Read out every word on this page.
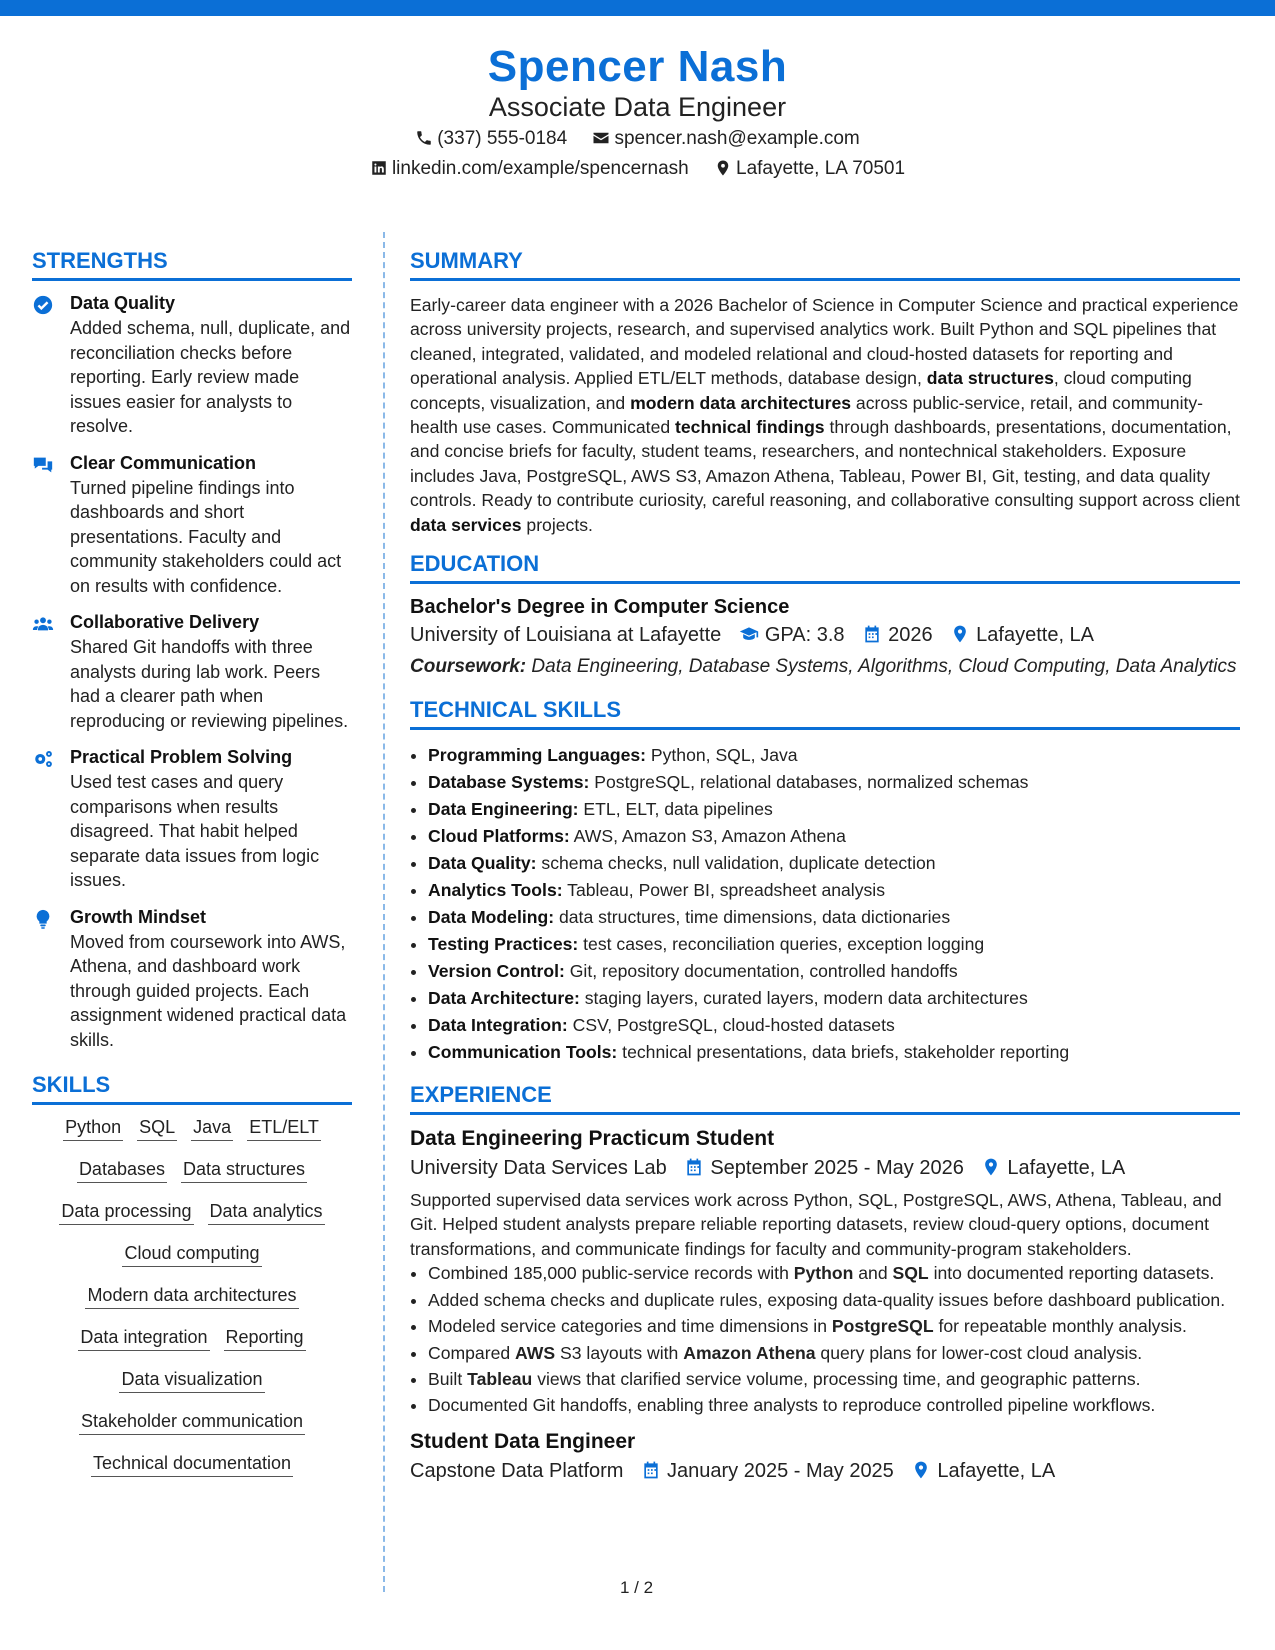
Spencer Nash
Associate Data Engineer
(337) 555-0184 spencer.nash@example.com
linkedin.com/example/spencernash Lafayette, LA 70501
STRENGTHS
Data Quality
Added schema, null, duplicate, and reconciliation checks before reporting. Early review made issues easier for analysts to resolve.
Clear Communication
Turned pipeline findings into dashboards and short presentations. Faculty and community stakeholders could act on results with confidence.
Collaborative Delivery
Shared Git handoffs with three analysts during lab work. Peers had a clearer path when reproducing or reviewing pipelines.
Practical Problem Solving
Used test cases and query comparisons when results disagreed. That habit helped separate data issues from logic issues.
Growth Mindset
Moved from coursework into AWS, Athena, and dashboard work through guided projects. Each assignment widened practical data skills.
SKILLS
Python SQL Java ETL/ELT
Databases Data structures
Data processing Data analytics
Cloud computing
Modern data architectures
Data integration Reporting
Data visualization
Stakeholder communication
Technical documentation
SUMMARY
Early-career data engineer with a 2026 Bachelor of Science in Computer Science and practical experience across university projects, research, and supervised analytics work. Built Python and SQL pipelines that cleaned, integrated, validated, and modeled relational and cloud-hosted datasets for reporting and operational analysis. Applied ETL/ELT methods, database design, data structures, cloud computing concepts, visualization, and modern data architectures across public-service, retail, and community-health use cases. Communicated technical findings through dashboards, presentations, documentation, and concise briefs for faculty, student teams, researchers, and nontechnical stakeholders. Exposure includes Java, PostgreSQL, AWS S3, Amazon Athena, Tableau, Power BI, Git, testing, and data quality controls. Ready to contribute curiosity, careful reasoning, and collaborative consulting support across client data services projects.
EDUCATION
Bachelor's Degree in Computer Science
University of Louisiana at Lafayette GPA: 3.8 2026 Lafayette, LA
Coursework: Data Engineering, Database Systems, Algorithms, Cloud Computing, Data Analytics
TECHNICAL SKILLS
• Programming Languages: Python, SQL, Java
• Database Systems: PostgreSQL, relational databases, normalized schemas
• Data Engineering: ETL, ELT, data pipelines
• Cloud Platforms: AWS, Amazon S3, Amazon Athena
• Data Quality: schema checks, null validation, duplicate detection
• Analytics Tools: Tableau, Power BI, spreadsheet analysis
• Data Modeling: data structures, time dimensions, data dictionaries
• Testing Practices: test cases, reconciliation queries, exception logging
• Version Control: Git, repository documentation, controlled handoffs
• Data Architecture: staging layers, curated layers, modern data architectures
• Data Integration: CSV, PostgreSQL, cloud-hosted datasets
• Communication Tools: technical presentations, data briefs, stakeholder reporting
EXPERIENCE
Data Engineering Practicum Student
University Data Services Lab September 2025 - May 2026 Lafayette, LA
Supported supervised data services work across Python, SQL, PostgreSQL, AWS, Athena, Tableau, and Git. Helped student analysts prepare reliable reporting datasets, review cloud-query options, document transformations, and communicate findings for faculty and community-program stakeholders.
• Combined 185,000 public-service records with Python and SQL into documented reporting datasets.
• Added schema checks and duplicate rules, exposing data-quality issues before dashboard publication.
• Modeled service categories and time dimensions in PostgreSQL for repeatable monthly analysis.
• Compared AWS S3 layouts with Amazon Athena query plans for lower-cost cloud analysis.
• Built Tableau views that clarified service volume, processing time, and geographic patterns.
• Documented Git handoffs, enabling three analysts to reproduce controlled pipeline workflows.
Student Data Engineer
Capstone Data Platform January 2025 - May 2025 Lafayette, LA
1 / 2
